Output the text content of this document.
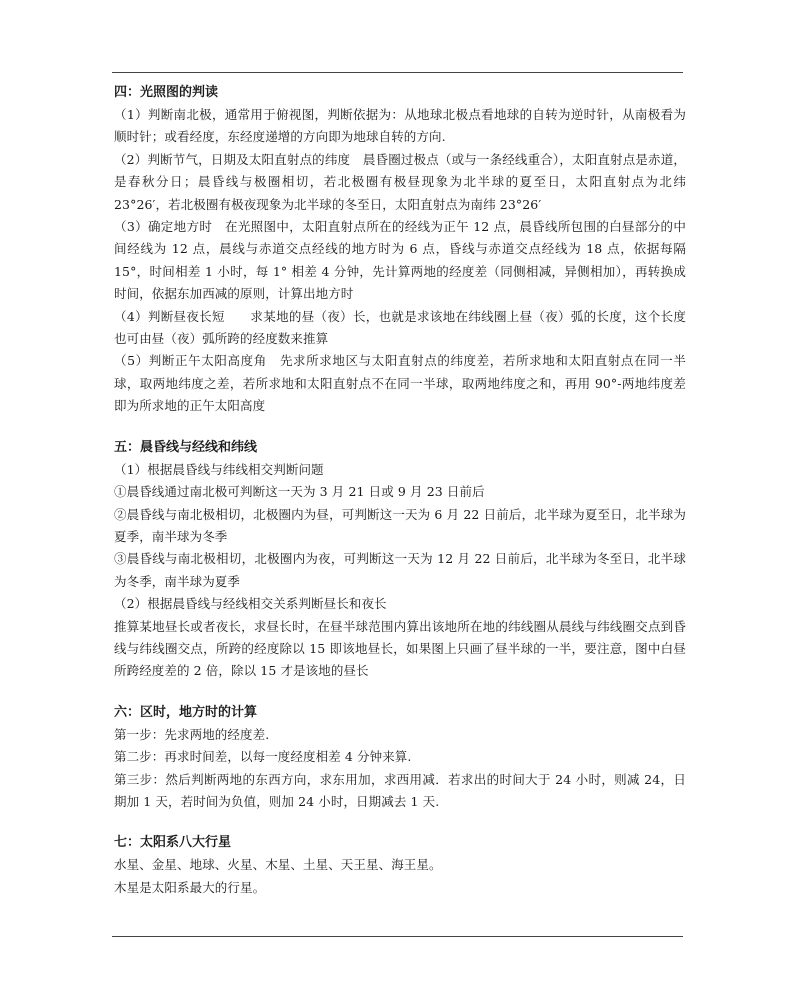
四：光照图的判读

（1）判断南北极，通常用于俯视图，判断依据为：从地球北极点看地球的自转为逆时针，从南极看为顺时针；或看经度，东经度递增的方向即为地球自转的方向.

（2）判断节气，日期及太阳直射点的纬度　晨昏圈过极点（或与一条经线重合），太阳直射点是赤道，是春秋分日；晨昏线与极圈相切，若北极圈有极昼现象为北半球的夏至日，太阳直射点为北纬 23°26′，若北极圈有极夜现象为北半球的冬至日，太阳直射点为南纬 23°26′

（3）确定地方时　在光照图中，太阳直射点所在的经线为正午 12 点，晨昏线所包围的白昼部分的中间经线为 12 点，晨线与赤道交点经线的地方时为 6 点，昏线与赤道交点经线为 18 点，依据每隔 15°，时间相差 1 小时，每 1° 相差 4 分钟，先计算两地的经度差（同侧相减，异侧相加），再转换成时间，依据东加西减的原则，计算出地方时

（4）判断昼夜长短　　求某地的昼（夜）长，也就是求该地在纬线圈上昼（夜）弧的长度，这个长度也可由昼（夜）弧所跨的经度数来推算

（5）判断正午太阳高度角　先求所求地区与太阳直射点的纬度差，若所求地和太阳直射点在同一半球，取两地纬度之差，若所求地和太阳直射点不在同一半球，取两地纬度之和，再用 90°-两地纬度差即为所求地的正午太阳高度

五：晨昏线与经线和纬线

（1）根据晨昏线与纬线相交判断问题

①晨昏线通过南北极可判断这一天为 3 月 21 日或 9 月 23 日前后

②晨昏线与南北极相切，北极圈内为昼，可判断这一天为 6 月 22 日前后，北半球为夏至日，北半球为夏季，南半球为冬季

③晨昏线与南北极相切，北极圈内为夜，可判断这一天为 12 月 22 日前后，北半球为冬至日，北半球为冬季，南半球为夏季

（2）根据晨昏线与经线相交关系判断昼长和夜长

推算某地昼长或者夜长，求昼长时，在昼半球范围内算出该地所在地的纬线圈从晨线与纬线圈交点到昏线与纬线圈交点，所跨的经度除以 15 即该地昼长，如果图上只画了昼半球的一半，要注意，图中白昼所跨经度差的 2 倍，除以 15 才是该地的昼长

六：区时，地方时的计算

第一步：先求两地的经度差.

第二步：再求时间差，以每一度经度相差 4 分钟来算.

第三步：然后判断两地的东西方向，求东用加，求西用减．若求出的时间大于 24 小时，则减 24，日期加 1 天，若时间为负值，则加 24 小时，日期减去 1 天.

七：太阳系八大行星

水星、金星、地球、火星、木星、土星、天王星、海王星。

木星是太阳系最大的行星。
